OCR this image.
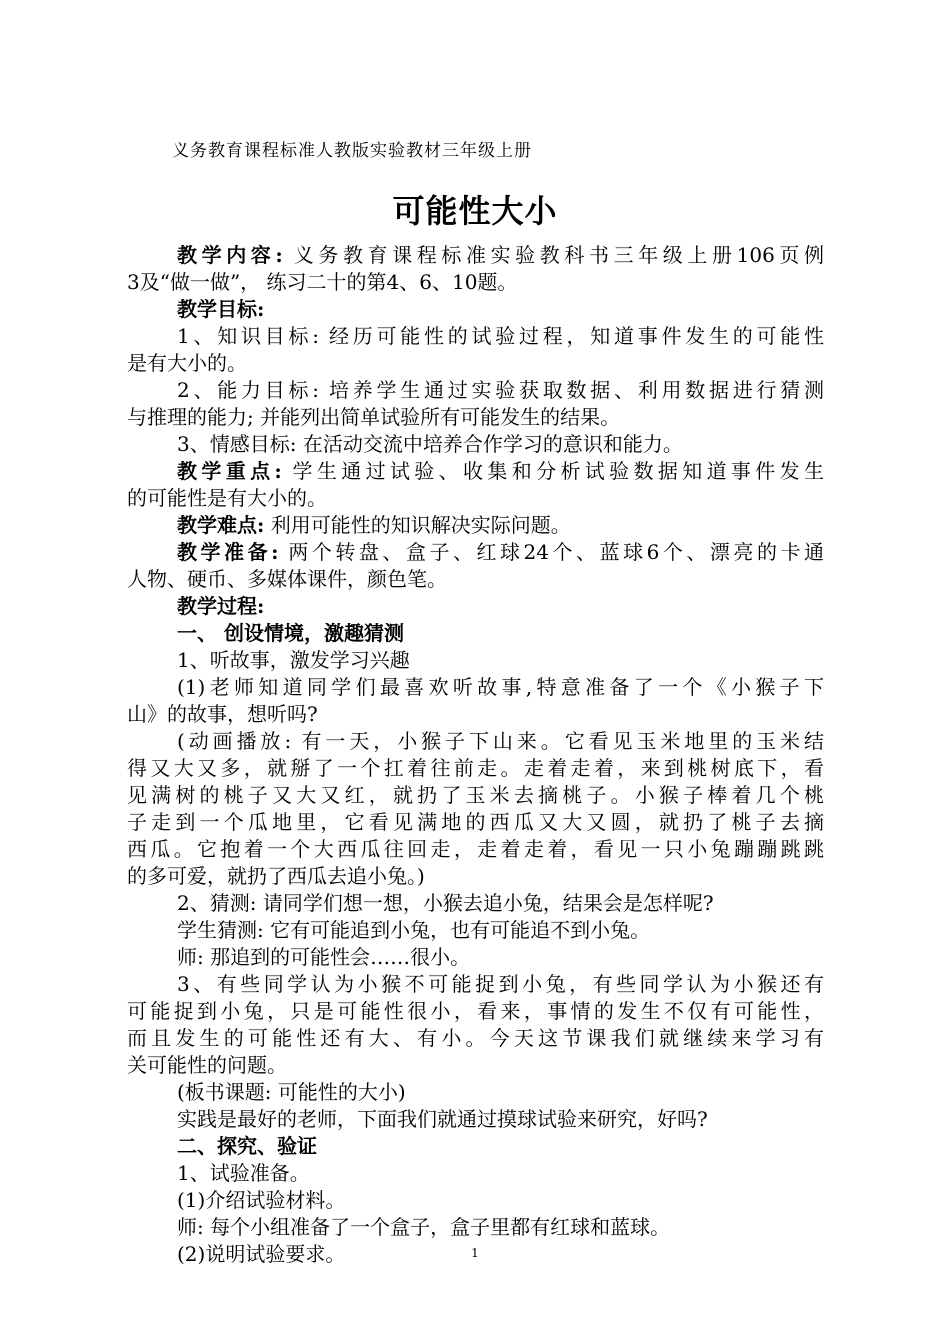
义务教育课程标准人教版实验教材三年级上册
可能性大小
教学内容: 义务教育课程标准实验教科书三年级上册106页例
3及“做一做”， 练习二十的第4、6、10题。
教学目标:
1、知识目标: 经历可能性的试验过程，知道事件发生的可能性
是有大小的。
2、能力目标: 培养学生通过实验获取数据、利用数据进行猜测
与推理的能力; 并能列出简单试验所有可能发生的结果。
3、情感目标: 在活动交流中培养合作学习的意识和能力。
教学重点: 学生通过试验、收集和分析试验数据知道事件发生
的可能性是有大小的。
教学难点: 利用可能性的知识解决实际问题。
教学准备: 两个转盘、盒子、红球24个、蓝球6个、漂亮的卡通
人物、硬币、多媒体课件，颜色笔。
教学过程:
一、 创设情境，激趣猜测
1、听故事，激发学习兴趣
(1)老师知道同学们最喜欢听故事,特意准备了一个《小猴子下
山》的故事，想听吗?
(动画播放: 有一天，小猴子下山来。它看见玉米地里的玉米结
得又大又多，就掰了一个扛着往前走。走着走着，来到桃树底下，看
见满树的桃子又大又红，就扔了玉米去摘桃子。小猴子棒着几个桃
子走到一个瓜地里，它看见满地的西瓜又大又圆，就扔了桃子去摘
西瓜。它抱着一个大西瓜往回走，走着走着，看见一只小兔蹦蹦跳跳
的多可爱，就扔了西瓜去追小兔。)
2、猜测: 请同学们想一想，小猴去追小兔，结果会是怎样呢?
学生猜测: 它有可能追到小兔，也有可能追不到小兔。
师: 那追到的可能性会……很小。
3、有些同学认为小猴不可能捉到小兔，有些同学认为小猴还有
可能捉到小兔，只是可能性很小，看来，事情的发生不仅有可能性，
而且发生的可能性还有大、有小。今天这节课我们就继续来学习有
关可能性的问题。
(板书课题: 可能性的大小)
实践是最好的老师，下面我们就通过摸球试验来研究，好吗?
二、探究、验证
1、试验准备。
(1)介绍试验材料。
师: 每个小组准备了一个盒子，盒子里都有红球和蓝球。
(2)说明试验要求。	1
